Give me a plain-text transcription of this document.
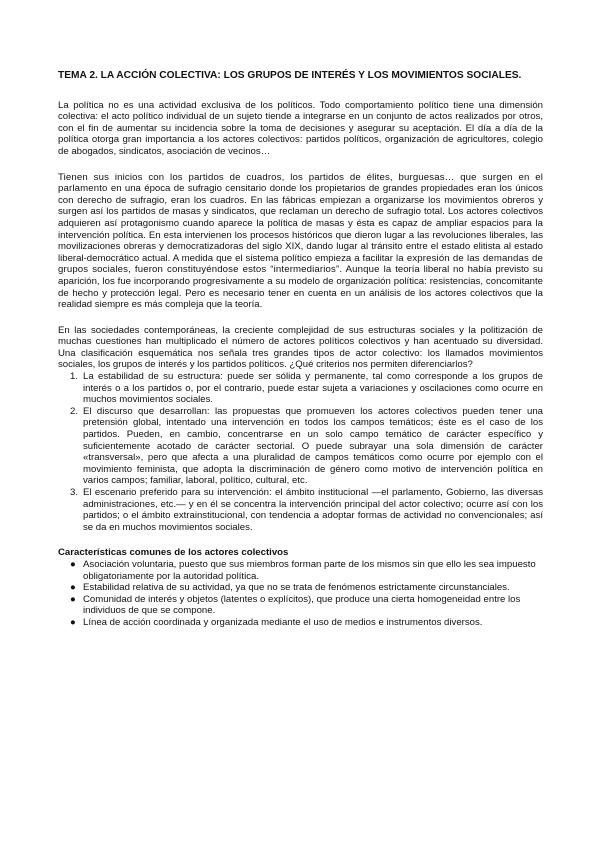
TEMA 2. LA ACCIÓN COLECTIVA: LOS GRUPOS DE INTERÉS Y LOS MOVIMIENTOS SOCIALES.

La política no es una actividad exclusiva de los políticos. Todo comportamiento político tiene una dimensión colectiva: el acto político individual de un sujeto tiende a integrarse en un conjunto de actos realizados por otros, con el fin de aumentar su incidencia sobre la toma de decisiones y asegurar su aceptación. El día a día de la política otorga gran importancia a los actores colectivos: partidos políticos, organización de agricultores, colegio de abogados, sindicatos, asociación de vecinos…

Tienen sus inicios con los partidos de cuadros, los partidos de élites, burguesas… que surgen en el parlamento en una época de sufragio censitario donde los propietarios de grandes propiedades eran los únicos con derecho de sufragio, eran los cuadros. En las fábricas empiezan a organizarse los movimientos obreros y surgen así los partidos de masas y sindicatos, que reclaman un derecho de sufragio total. Los actores colectivos adquieren así protagonismo cuando aparece la política de masas y ésta es capaz de ampliar espacios para la intervención política. En esta intervienen los procesos históricos que dieron lugar a las revoluciones liberales, las movilizaciones obreras y democratizadoras del siglo XIX, dando lugar al tránsito entre el estado elitista al estado liberal-democrático actual. A medida que el sistema político empieza a facilitar la expresión de las demandas de grupos sociales, fueron constituyéndose estos “intermediarios”. Aunque la teoría liberal no había previsto su aparición, los fue incorporando progresivamente a su modelo de organización política: resistencias, concomitante de hecho y protección legal. Pero es necesario tener en cuenta en un análisis de los actores colectivos que la realidad siempre es más compleja que la teoría.

En las sociedades contemporáneas, la creciente complejidad de sus estructuras sociales y la politización de muchas cuestiones han multiplicado el número de actores políticos colectivos y han acentuado su diversidad. Una clasificación esquemática nos señala tres grandes tipos de actor colectivo: los llamados movimientos sociales, los grupos de interés y los partidos políticos. ¿Qué criterios nos permiten diferenciarlos?

1. La estabilidad de su estructura: puede ser sólida y permanente, tal como corresponde a los grupos de interés o a los partidos o, por el contrario, puede estar sujeta a variaciones y oscilaciones como ocurre en muchos movimientos sociales.
2. El discurso que desarrollan: las propuestas que promueven los actores colectivos pueden tener una pretensión global, intentado una intervención en todos los campos temáticos; éste es el caso de los partidos. Pueden, en cambio, concentrarse en un solo campo temático de carácter específico y suficientemente acotado de carácter sectorial. O puede subrayar una sola dimensión de carácter «transversal», pero que afecta a una pluralidad de campos temáticos como ocurre por ejemplo con el movimiento feminista, que adopta la discriminación de género como motivo de intervención política en varios campos; familiar, laboral, político, cultural, etc.
3. El escenario preferido para su intervención: el ámbito institucional —el parlamento, Gobierno, las diversas administraciones, etc.— y en él se concentra la intervención principal del actor colectivo; ocurre así con los partidos; o el ámbito extrainstitucional, con tendencia a adoptar formas de actividad no convencionales; así se da en muchos movimientos sociales.
Características comunes de los actores colectivos
● Asociación voluntaria, puesto que sus miembros forman parte de los mismos sin que ello les sea impuesto obligatoriamente por la autoridad política.
● Estabilidad relativa de su actividad, ya que no se trata de fenómenos estrictamente circunstanciales.
● Comunidad de interés y objetos (latentes o explícitos), que produce una cierta homogeneidad entre los individuos de que se compone.
● Línea de acción coordinada y organizada mediante el uso de medios e instrumentos diversos.
